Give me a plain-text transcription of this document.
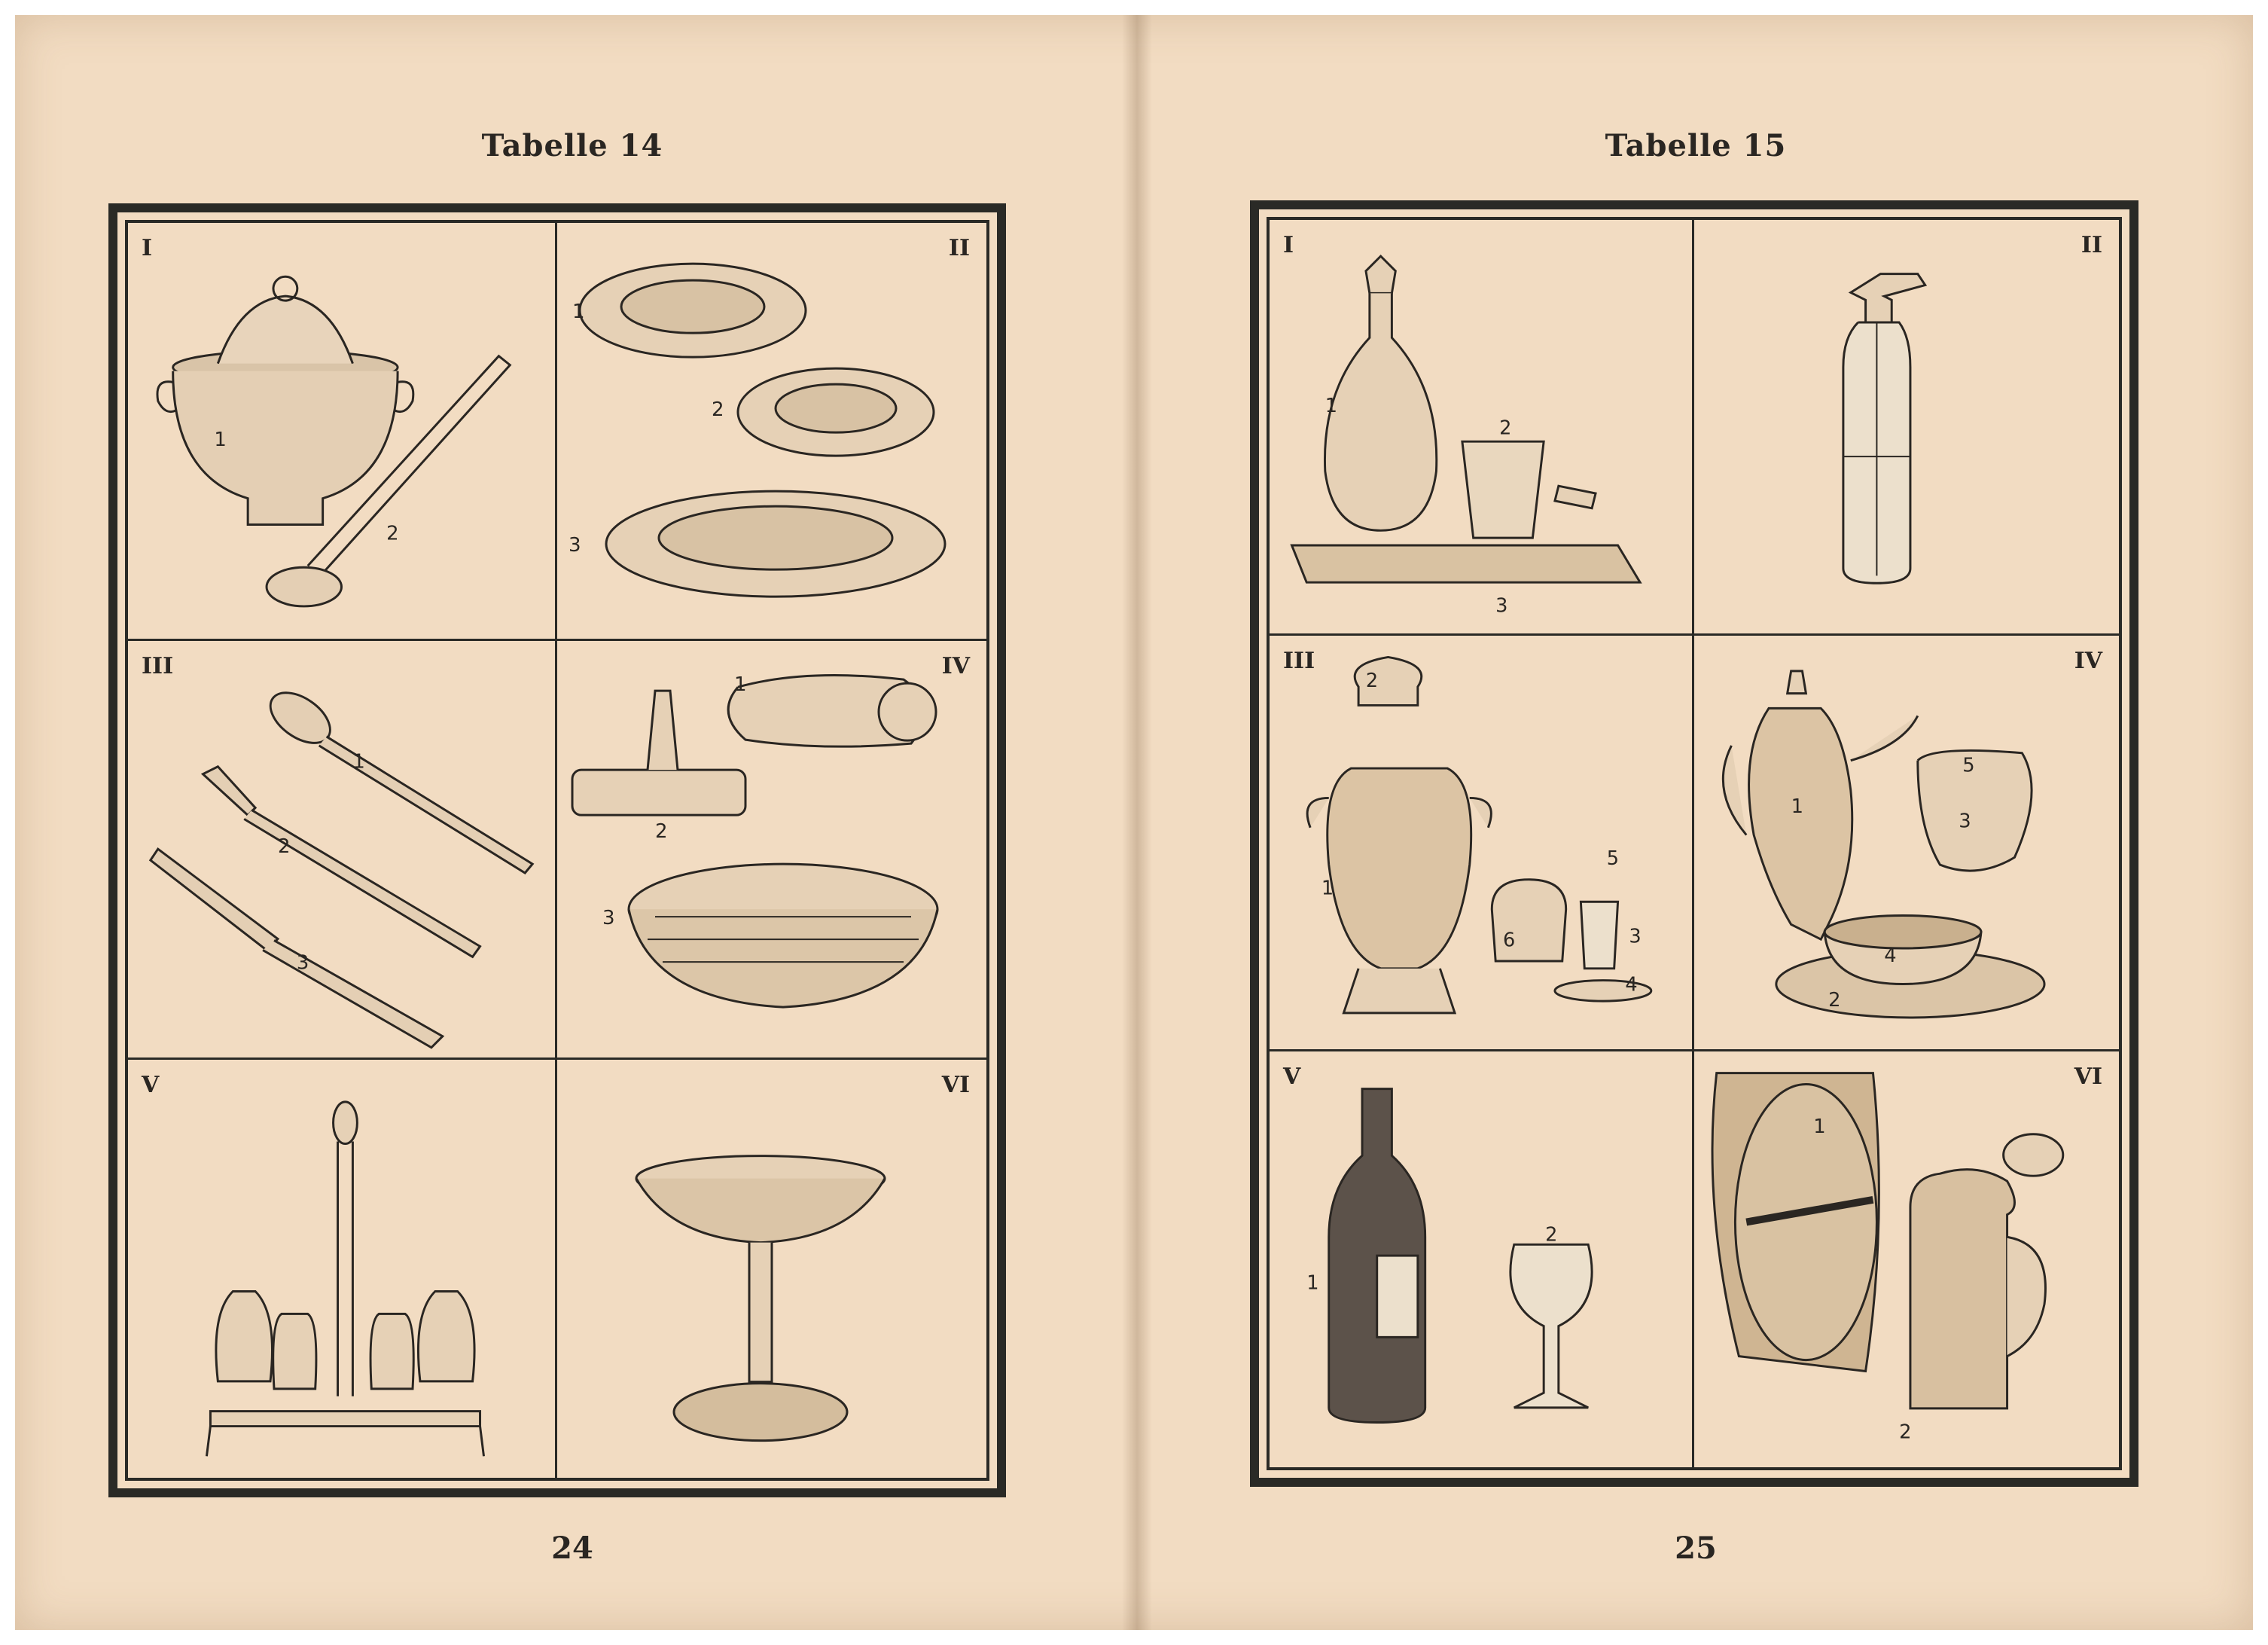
Tabelle 14
I
1
2
II
1
2
3
III
1
2
3
IV
1
2
3
V	VI
24
Tabelle 15
I
1
2
3
II
III
1
2
3
4
5
6
IV
1
2
3
4
5
V
1
2
VI
1
2
25
